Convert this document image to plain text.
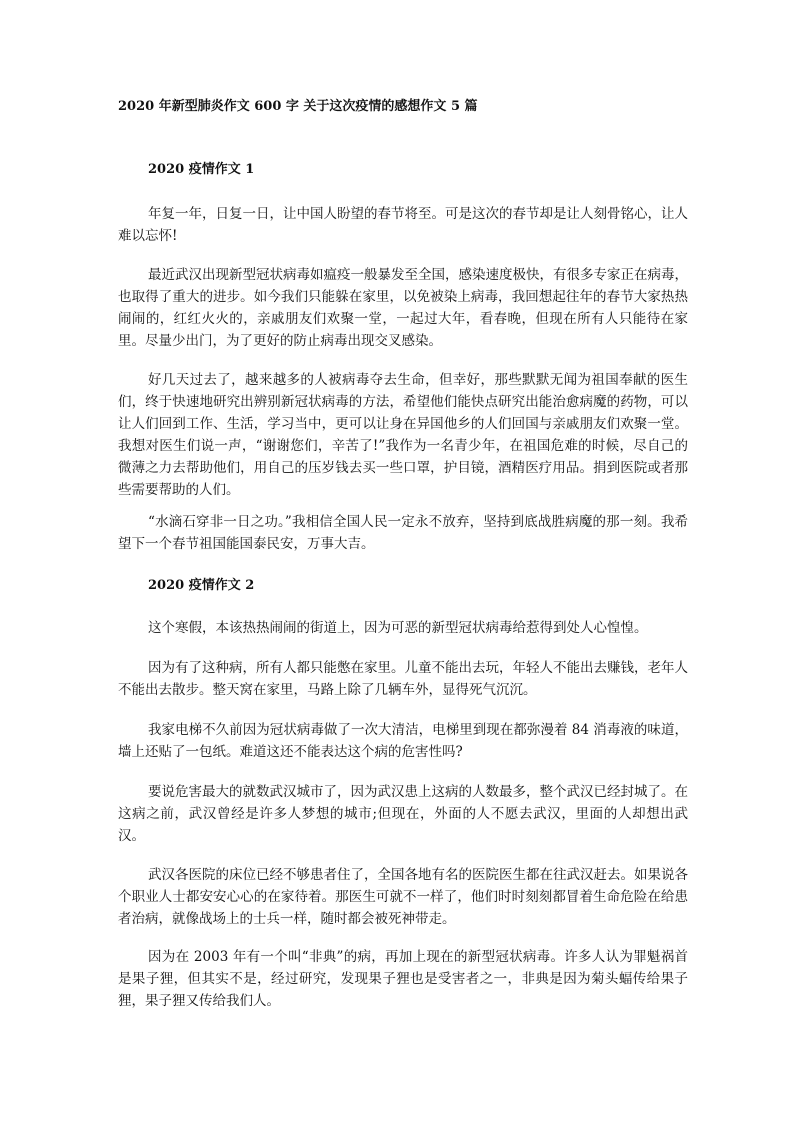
2020 年新型肺炎作文 600 字 关于这次疫情的感想作文 5 篇
2020 疫情作文 1

年复一年，日复一日，让中国人盼望的春节将至。可是这次的春节却是让人刻骨铭心，让人难以忘怀!

最近武汉出现新型冠状病毒如瘟疫一般暴发至全国，感染速度极快，有很多专家正在病毒，也取得了重大的进步。如今我们只能躲在家里，以免被染上病毒，我回想起往年的春节大家热热闹闹的，红红火火的，亲戚朋友们欢聚一堂，一起过大年，看春晚，但现在所有人只能待在家里。尽量少出门，为了更好的防止病毒出现交叉感染。

好几天过去了，越来越多的人被病毒夺去生命，但幸好，那些默默无闻为祖国奉献的医生们，终于快速地研究出辨别新冠状病毒的方法，希望他们能快点研究出能治愈病魔的药物，可以让人们回到工作、生活，学习当中，更可以让身在异国他乡的人们回国与亲戚朋友们欢聚一堂。我想对医生们说一声，“谢谢您们，辛苦了!”我作为一名青少年，在祖国危难的时候，尽自己的微薄之力去帮助他们，用自己的压岁钱去买一些口罩，护目镜，酒精医疗用品。捐到医院或者那些需要帮助的人们。

“水滴石穿非一日之功。”我相信全国人民一定永不放弃，坚持到底战胜病魔的那一刻。我希望下一个春节祖国能国泰民安，万事大吉。

2020 疫情作文 2

这个寒假，本该热热闹闹的街道上，因为可恶的新型冠状病毒给惹得到处人心惶惶。

因为有了这种病，所有人都只能憋在家里。儿童不能出去玩，年轻人不能出去赚钱，老年人不能出去散步。整天窝在家里，马路上除了几辆车外，显得死气沉沉。

我家电梯不久前因为冠状病毒做了一次大清洁，电梯里到现在都弥漫着 84 消毒液的味道，墙上还贴了一包纸。难道这还不能表达这个病的危害性吗?

要说危害最大的就数武汉城市了，因为武汉患上这病的人数最多，整个武汉已经封城了。在这病之前，武汉曾经是许多人梦想的城市;但现在，外面的人不愿去武汉，里面的人却想出武汉。

武汉各医院的床位已经不够患者住了，全国各地有名的医院医生都在往武汉赶去。如果说各个职业人士都安安心心的在家待着。那医生可就不一样了，他们时时刻刻都冒着生命危险在给患者治病，就像战场上的士兵一样，随时都会被死神带走。

因为在 2003 年有一个叫“非典”的病，再加上现在的新型冠状病毒。许多人认为罪魁祸首是果子狸，但其实不是，经过研究，发现果子狸也是受害者之一，非典是因为菊头蝠传给果子狸，果子狸又传给我们人。
